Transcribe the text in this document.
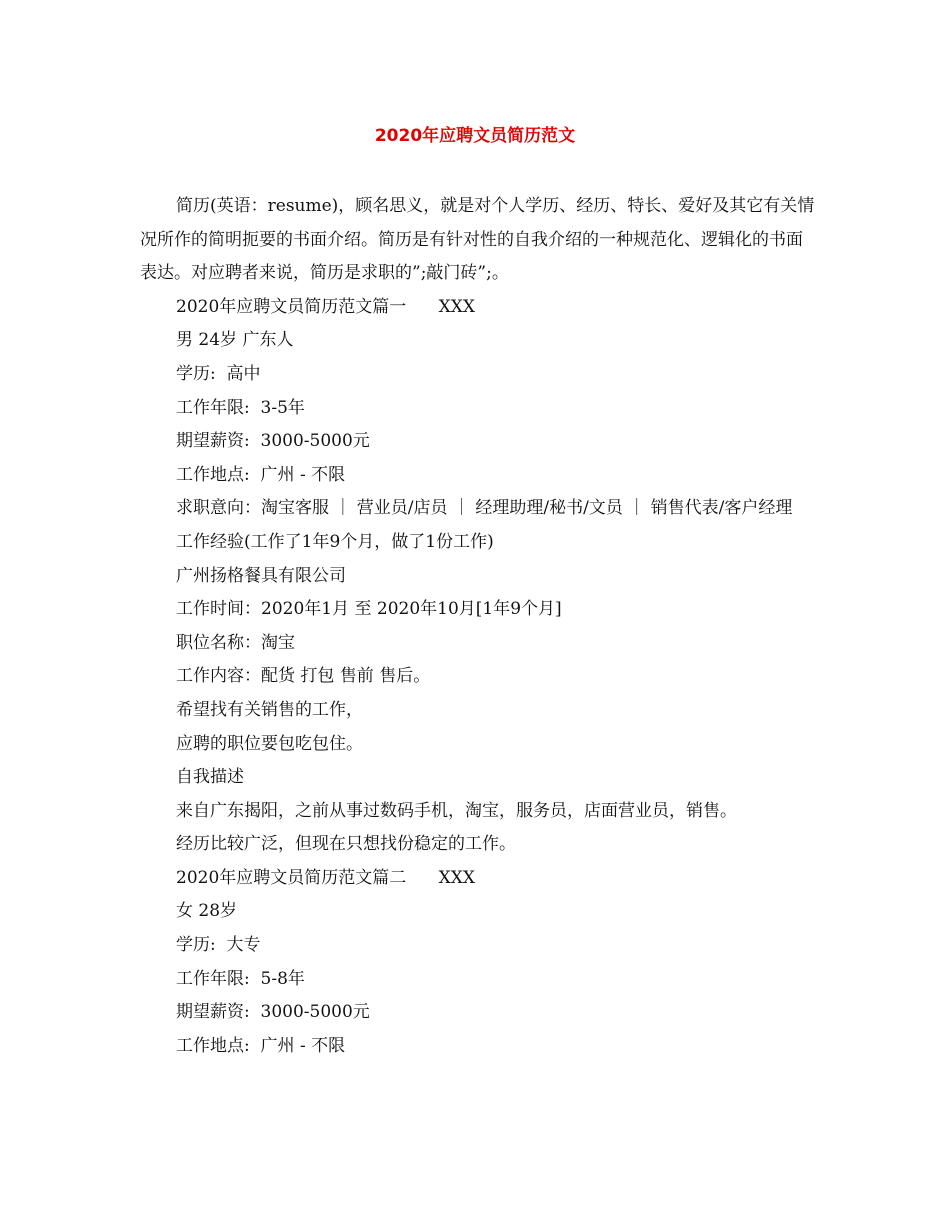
2020年应聘文员简历范文

简历(英语：resume)，顾名思义，就是对个人学历、经历、特长、爱好及其它有关情况所作的简明扼要的书面介绍。简历是有针对性的自我介绍的一种规范化、逻辑化的书面表达。对应聘者来说，简历是求职的”;敲门砖”;。

2020年应聘文员简历范文篇一      XXX

男 24岁 广东人

学历:  高中

工作年限:  3-5年

期望薪资:  3000-5000元

工作地点:  广州 - 不限

求职意向：淘宝客服 ｜ 营业员/店员 ｜ 经理助理/秘书/文员 ｜ 销售代表/客户经理

工作经验(工作了1年9个月，做了1份工作)

广州扬格餐具有限公司

工作时间：2020年1月 至 2020年10月[1年9个月]

职位名称：淘宝

工作内容：配货 打包 售前 售后。

希望找有关销售的工作，

应聘的职位要包吃包住。

自我描述

来自广东揭阳，之前从事过数码手机，淘宝，服务员，店面营业员，销售。

经历比较广泛，但现在只想找份稳定的工作。

2020年应聘文员简历范文篇二      XXX

女 28岁

学历:  大专

工作年限:  5-8年

期望薪资:  3000-5000元

工作地点:  广州 - 不限
